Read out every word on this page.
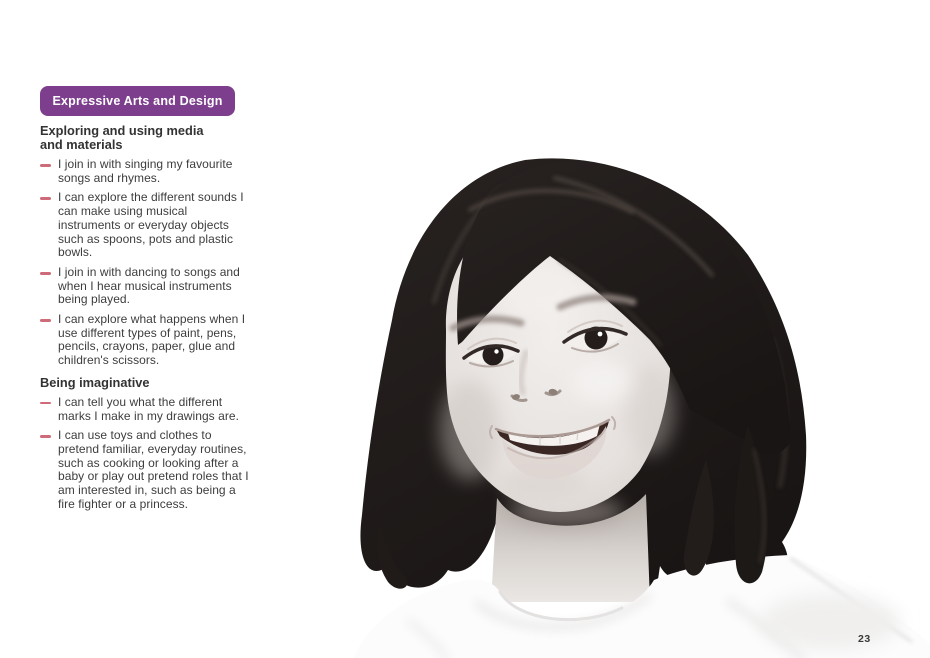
Expressive Arts and Design
Exploring and using media and materials

I join in with singing my favourite songs and rhymes.

I can explore the different sounds I can make using musical instruments or everyday objects such as spoons, pots and plastic bowls.

I join in with dancing to songs and when I hear musical instruments being played.

I can explore what happens when I use different types of paint, pens, pencils, crayons, paper, glue and children's scissors.

Being imaginative

I can tell you what the different marks I make in my drawings are.

I can use toys and clothes to pretend familiar, everyday routines, such as cooking or looking after a baby or play out pretend roles that I am interested in, such as being a fire fighter or a princess.

23
